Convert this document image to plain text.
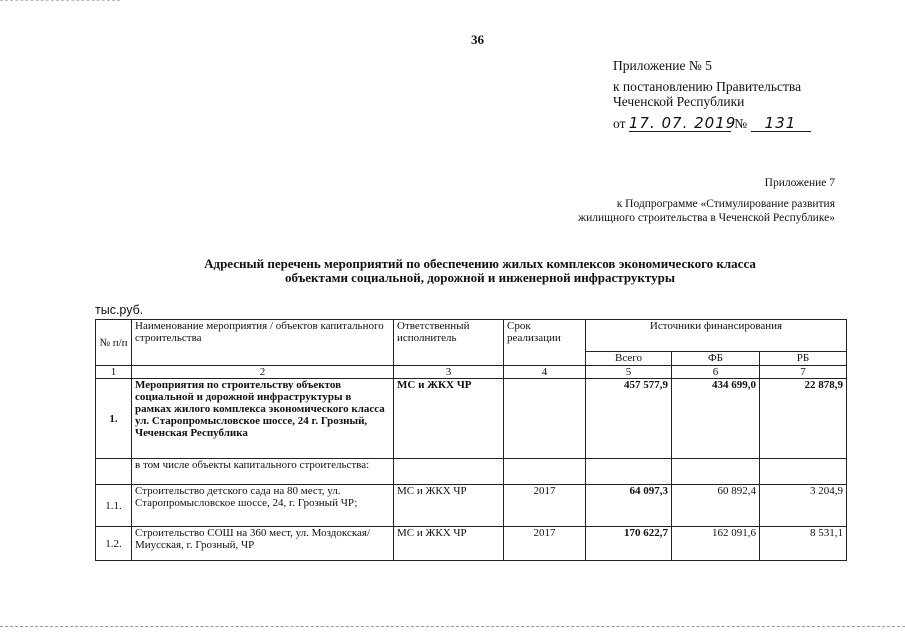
36
Приложение № 5
к постановлению Правительства
Чеченской Республики
от 17. 07. 2019 № 131
Приложение 7
к Подпрограмме «Стимулирование развития
жилищного строительства в Чеченской Республике»
Адресный перечень мероприятий по обеспечению жилых комплексов экономического класса
объектами социальной, дорожной и инженерной инфраструктуры
тыс.руб.
№ п/п	Наименование мероприятия / объектов капитального строительства	Ответственный исполнитель	Срок реализации	Источники финансирования		
				Всего	ФБ	РБ
1	2	3	4	5	6	7
1.	Мероприятия по строительству объектов социальной и дорожной инфраструктуры в рамках жилого комплекса экономического класса ул. Старопромысловское шоссе, 24 г. Грозный, Чеченская Республика	МС и ЖКХ ЧР		457 577,9	434 699,0	22 878,9
	в том числе объекты капитального строительства:					
1.1.	Строительство детского сада на 80 мест, ул. Старопромысловское шоссе, 24, г. Грозный ЧР;	МС и ЖКХ ЧР	2017	64 097,3	60 892,4	3 204,9
1.2.	Строительство СОШ на 360 мест, ул. Моздокская/ Миусская, г. Грозный, ЧР	МС и ЖКХ ЧР	2017	170 622,7	162 091,6	8 531,1
